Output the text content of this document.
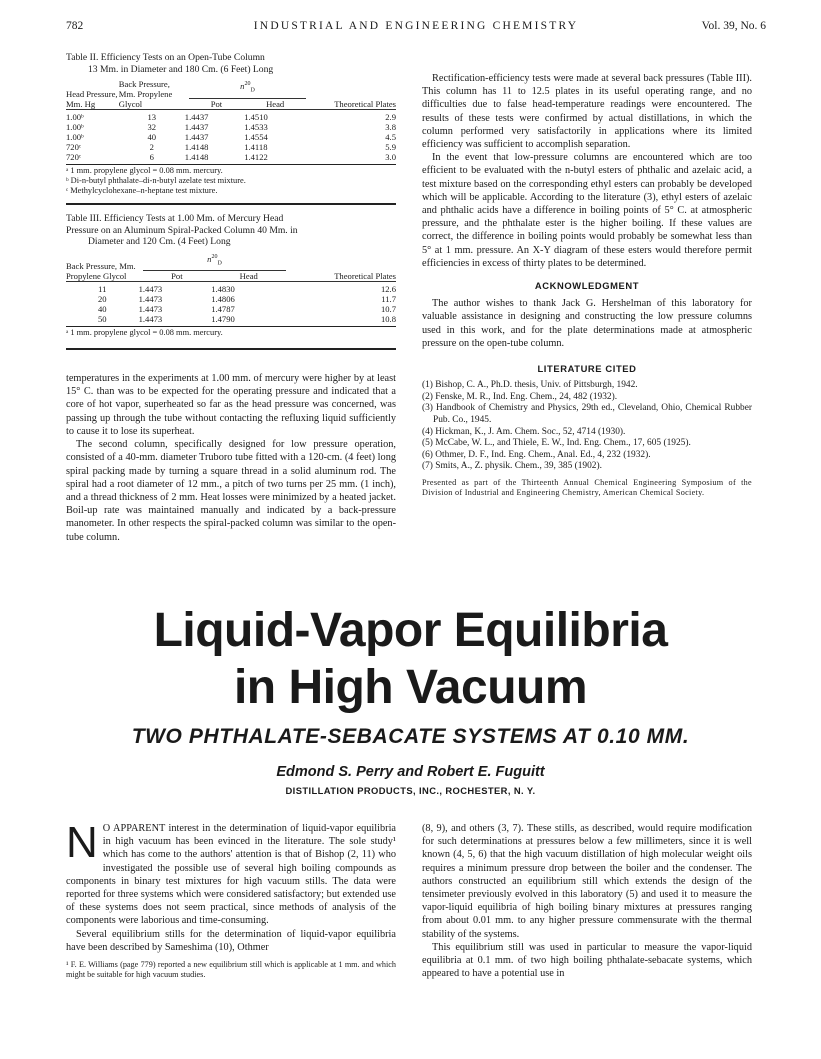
782	INDUSTRIAL AND ENGINEERING CHEMISTRY	Vol. 39, No. 6

Table II. Efficiency Tests on an Open-Tube Column

13 Mm. in Diameter and 180 Cm. (6 Feet) Long

Head Pressure, Mm. Hg	Back Pressure, Mm. Propylene Glycol	$n^{20}_D$
Pot Head		Theoretical Plates

1.00ᵇ	13	1.4437	1.4510	2.9
1.00ᵇ	32	1.4437	1.4533	3.8
1.00ᵇ	40	1.4437	1.4554	4.5
720ᶜ	2	1.4148	1.4118	5.9
720ᶜ	6	1.4148	1.4122	3.0

ᵃ 1 mm. propylene glycol = 0.08 mm. mercury.

ᵇ Di-n-butyl phthalate–di-n-butyl azelate test mixture.

ᶜ Methylcyclohexane–n-heptane test mixture.

Table III. Efficiency Tests at 1.00 Mm. of Mercury Head

Pressure on an Aluminum Spiral-Packed Column 40 Mm. in

Diameter and 120 Cm. (4 Feet) Long

Back Pressure, Mm. Propylene Glycol	$n^{20}_D$
Pot Head		Theoretical Plates

11	1.4473	1.4830	12.6
20	1.4473	1.4806	11.7
40	1.4473	1.4787	10.7
50	1.4473	1.4790	10.8

ᵃ 1 mm. propylene glycol = 0.08 mm. mercury.

temperatures in the experiments at 1.00 mm. of mercury were higher by at least 15° C. than was to be expected for the operating pressure and indicated that a core of hot vapor, superheated so far as the head pressure was concerned, was passing up through the tube without contacting the refluxing liquid sufficiently to cause it to lose its superheat.

The second column, specifically designed for low pressure operation, consisted of a 40-mm. diameter Truboro tube fitted with a 120-cm. (4 feet) long spiral packing made by turning a square thread in a solid aluminum rod. The spiral had a root diameter of 12 mm., a pitch of two turns per 25 mm. (1 inch), and a thread thickness of 2 mm. Heat losses were minimized by a heated jacket. Boil-up rate was maintained manually and indicated by a back-pressure manometer. In other respects the spiral-packed column was similar to the open-tube column.

Rectification-efficiency tests were made at several back pressures (Table III). This column has 11 to 12.5 plates in its useful operating range, and no difficulties due to false head-temperature readings were encountered. The results of these tests were confirmed by actual distillations, in which the column performed very satisfactorily in applications where its limited efficiency was sufficient to accomplish separation.

In the event that low-pressure columns are encountered which are too efficient to be evaluated with the n-butyl esters of phthalic and azelaic acid, a test mixture based on the corresponding ethyl esters can probably be developed which will be applicable. According to the literature (3), ethyl esters of azelaic and phthalic acids have a difference in boiling points of 5° C. at atmospheric pressure, and the phthalate ester is the higher boiling. If these values are correct, the difference in boiling points would probably be somewhat less than 5° at 1 mm. pressure. An X-Y diagram of these esters would therefore permit efficiencies in excess of thirty plates to be determined.

ACKNOWLEDGMENT

The author wishes to thank Jack G. Hershelman of this laboratory for valuable assistance in designing and constructing the low pressure columns used in this work, and for the plate determinations made at atmospheric pressure on the open-tube column.

LITERATURE CITED

(1) Bishop, C. A., Ph.D. thesis, Univ. of Pittsburgh, 1942.

(2) Fenske, M. R., Ind. Eng. Chem., 24, 482 (1932).

(3) Handbook of Chemistry and Physics, 29th ed., Cleveland, Ohio, Chemical Rubber Pub. Co., 1945.

(4) Hickman, K., J. Am. Chem. Soc., 52, 4714 (1930).

(5) McCabe, W. L., and Thiele, E. W., Ind. Eng. Chem., 17, 605 (1925).

(6) Othmer, D. F., Ind. Eng. Chem., Anal. Ed., 4, 232 (1932).

(7) Smits, A., Z. physik. Chem., 39, 385 (1902).

Presented as part of the Thirteenth Annual Chemical Engineering Symposium of the Division of Industrial and Engineering Chemistry, American Chemical Society.

Liquid-Vapor Equilibria
in High Vacuum
TWO PHTHALATE-SEBACATE SYSTEMS AT 0.10 MM.
Edmond S. Perry and Robert E. Fuguitt
DISTILLATION PRODUCTS, INC., ROCHESTER, N. Y.

N O APPARENT interest in the determination of liquid-vapor equilibria in high vacuum has been evinced in the literature. The sole study¹ which has come to the authors' attention is that of Bishop (2, 11) who investigated the possible use of several high boiling compounds as components in binary test mixtures for high vacuum stills. The data were reported for three systems which were considered satisfactory; but extended use of these systems does not seem practical, since methods of analysis of the components were laborious and time-consuming.

Several equilibrium stills for the determination of liquid-vapor equilibria have been described by Sameshima (10), Othmer

¹ F. E. Williams (page 779) reported a new equilibrium still which is applicable at 1 mm. and which might be suitable for high vacuum studies.

(8, 9), and others (3, 7). These stills, as described, would require modification for such determinations at pressures below a few millimeters, since it is well known (4, 5, 6) that the high vacuum distillation of high molecular weight oils requires a minimum pressure drop between the boiler and the condenser. The authors constructed an equilibrium still which extends the design of the tensimeter previously evolved in this laboratory (5) and used it to measure the vapor-liquid equilibria of high boiling binary mixtures at pressures ranging from about 0.01 mm. to any higher pressure commensurate with the thermal stability of the systems.

This equilibrium still was used in particular to measure the vapor-liquid equilibria at 0.1 mm. of two high boiling phthalate-sebacate systems, which appeared to have a potential use in
